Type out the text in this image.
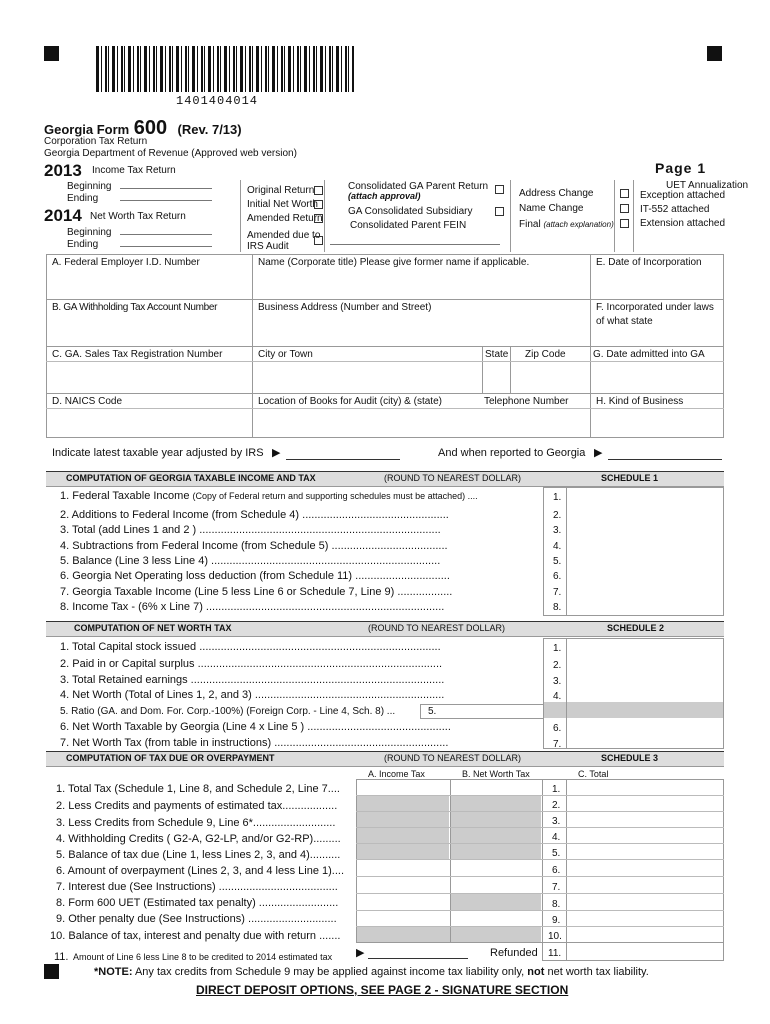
1401404014
Georgia Form 600 (Rev. 7/13)
Corporation Tax Return
Georgia Department of Revenue (Approved web version)
Page 1
2013 Income Tax Return
Beginning
Ending
2014 Net Worth Tax Return
Beginning
Ending
Original Return
Initial Net Worth
Amended Return
Amended due to
IRS Audit
Consolidated GA Parent Return
(attach approval)
GA Consolidated Subsidiary
Consolidated Parent FEIN
Address Change
Name Change
Final (attach explanation)
UET Annualization
Exception attached
IT-552 attached
Extension attached
A. Federal Employer I.D. Number	Name (Corporate title) Please give former name if applicable.	E. Date of Incorporation
B. GA Withholding Tax Account Number	Business Address (Number and Street)	F. Incorporated under laws
of what state
C. GA. Sales Tax Registration Number	City or Town	State Zip Code	G. Date admitted into GA
D. NAICS Code	Location of Books for Audit (city) & (state)	Telephone Number	H. Kind of Business
Indicate latest taxable year adjusted by IRS ▶	And when reported to Georgia ▶
COMPUTATION OF GEORGIA TAXABLE INCOME AND TAX	(ROUND TO NEAREST DOLLAR)	SCHEDULE 1
1. Federal Taxable Income (Copy of Federal return and supporting schedules must be attached) ....
2. Additions to Federal Income (from Schedule 4) ................................................
3. Total (add Lines 1 and 2 ) ...............................................................................
4. Subtractions from Federal Income (from Schedule 5) ......................................
5. Balance (Line 3 less Line 4) ...........................................................................
6. Georgia Net Operating loss deduction (from Schedule 11) ...............................
7. Georgia Taxable Income (Line 5 less Line 6 or Schedule 7, Line 9) ..................
8. Income Tax - (6% x Line 7) ..............................................................................
1.
2.
3.
4.
5.
6.
7.
8.
COMPUTATION OF NET WORTH TAX	(ROUND TO NEAREST DOLLAR)	SCHEDULE 2
1. Total Capital stock issued ...............................................................................
2. Paid in or Capital surplus ................................................................................
3. Total Retained earnings ...................................................................................
4. Net Worth (Total of Lines 1, 2, and 3) ..............................................................
5. Ratio (GA. and Dom. For. Corp.-100%) (Foreign Corp. - Line 4, Sch. 8) ...
6. Net Worth Taxable by Georgia (Line 4 x Line 5 ) ...............................................
7. Net Worth Tax (from table in instructions) .........................................................
5.
1.
2.
3.
4.
6.
7.
COMPUTATION OF TAX DUE OR OVERPAYMENT	(ROUND TO NEAREST DOLLAR)	SCHEDULE 3
A. Income Tax	B. Net Worth Tax	C. Total
1. Total Tax (Schedule 1, Line 8, and Schedule 2, Line 7....
2. Less Credits and payments of estimated tax..................
3. Less Credits from Schedule 9, Line 6*...........................
4. Withholding Credits ( G2-A, G2-LP, and/or G2-RP).........
5. Balance of tax due (Line 1, less Lines 2, 3, and 4)..........
6. Amount of overpayment (Lines 2, 3, and 4 less Line 1)....
7. Interest due (See Instructions) .......................................
8. Form 600 UET (Estimated tax penalty) ..........................
9. Other penalty due (See Instructions) .............................
10. Balance of tax, interest and penalty due with return .......
1.
2.
3.
4.
5.
6.
7.
8.
9.
10.
11.
11. Amount of Line 6 less Line 8 to be credited to 2014 estimated tax ▶	Refunded
*NOTE: Any tax credits from Schedule 9 may be applied against income tax liability only, not net worth tax liability.
DIRECT DEPOSIT OPTIONS, SEE PAGE 2 - SIGNATURE SECTION
